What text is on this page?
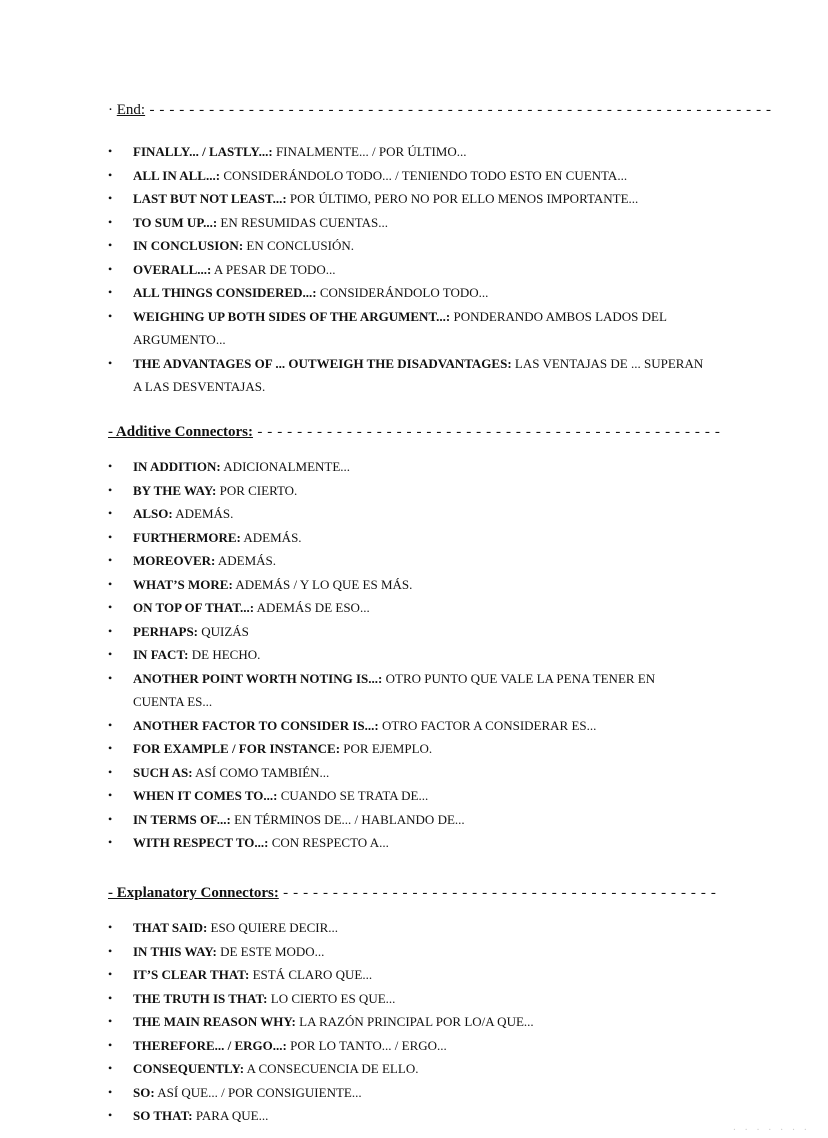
· End: - - - - - - - - - - - - - - - - - - - - - - - - - - - - - - - - - - - - - - - - - - - - - - - - - - - - - - - - - - - - - - -
• FINALLY... / LASTLY...: FINALMENTE... / POR ÚLTIMO...
• ALL IN ALL...: CONSIDERÁNDOLO TODO... / TENIENDO TODO ESTO EN CUENTA...
• LAST BUT NOT LEAST...: POR ÚLTIMO, PERO NO POR ELLO MENOS IMPORTANTE...
• TO SUM UP...: EN RESUMIDAS CUENTAS...
• IN CONCLUSION: EN CONCLUSIÓN.
• OVERALL...: A PESAR DE TODO...
• ALL THINGS CONSIDERED...: CONSIDERÁNDOLO TODO...
• WEIGHING UP BOTH SIDES OF THE ARGUMENT...: PONDERANDO AMBOS LADOS DEL ARGUMENTO...
• THE ADVANTAGES OF ... OUTWEIGH THE DISADVANTAGES: LAS VENTAJAS DE ... SUPERAN A LAS DESVENTAJAS.
- Additive Connectors: - - - - - - - - - - - - - - - - - - - - - - - - - - - - - - - - - - - - - - - - - - - - - - -
• IN ADDITION: ADICIONALMENTE...
• BY THE WAY: POR CIERTO.
• ALSO: ADEMÁS.
• FURTHERMORE: ADEMÁS.
• MOREOVER: ADEMÁS.
• WHAT’S MORE: ADEMÁS / Y LO QUE ES MÁS.
• ON TOP OF THAT...: ADEMÁS DE ESO...
• PERHAPS: QUIZÁS
• IN FACT: DE HECHO.
• ANOTHER POINT WORTH NOTING IS...: OTRO PUNTO QUE VALE LA PENA TENER EN CUENTA ES...
• ANOTHER FACTOR TO CONSIDER IS...: OTRO FACTOR A CONSIDERAR ES...
• FOR EXAMPLE / FOR INSTANCE: POR EJEMPLO.
• SUCH AS: ASÍ COMO TAMBIÉN...
• WHEN IT COMES TO...: CUANDO SE TRATA DE...
• IN TERMS OF...: EN TÉRMINOS DE... / HABLANDO DE...
• WITH RESPECT TO...: CON RESPECTO A...
- Explanatory Connectors: - - - - - - - - - - - - - - - - - - - - - - - - - - - - - - - - - - - - - - - - - - - -
• THAT SAID: ESO QUIERE DECIR...
• IN THIS WAY: DE ESTE MODO...
• IT’S CLEAR THAT: ESTÁ CLARO QUE...
• THE TRUTH IS THAT: LO CIERTO ES QUE...
• THE MAIN REASON WHY: LA RAZÓN PRINCIPAL POR LO/A QUE...
• THEREFORE... / ERGO...: POR LO TANTO... / ERGO...
• CONSEQUENTLY: A CONSECUENCIA DE ELLO.
• SO: ASÍ QUE... / POR CONSIGUIENTE...
• SO THAT: PARA QUE...
· · · · · · ·
